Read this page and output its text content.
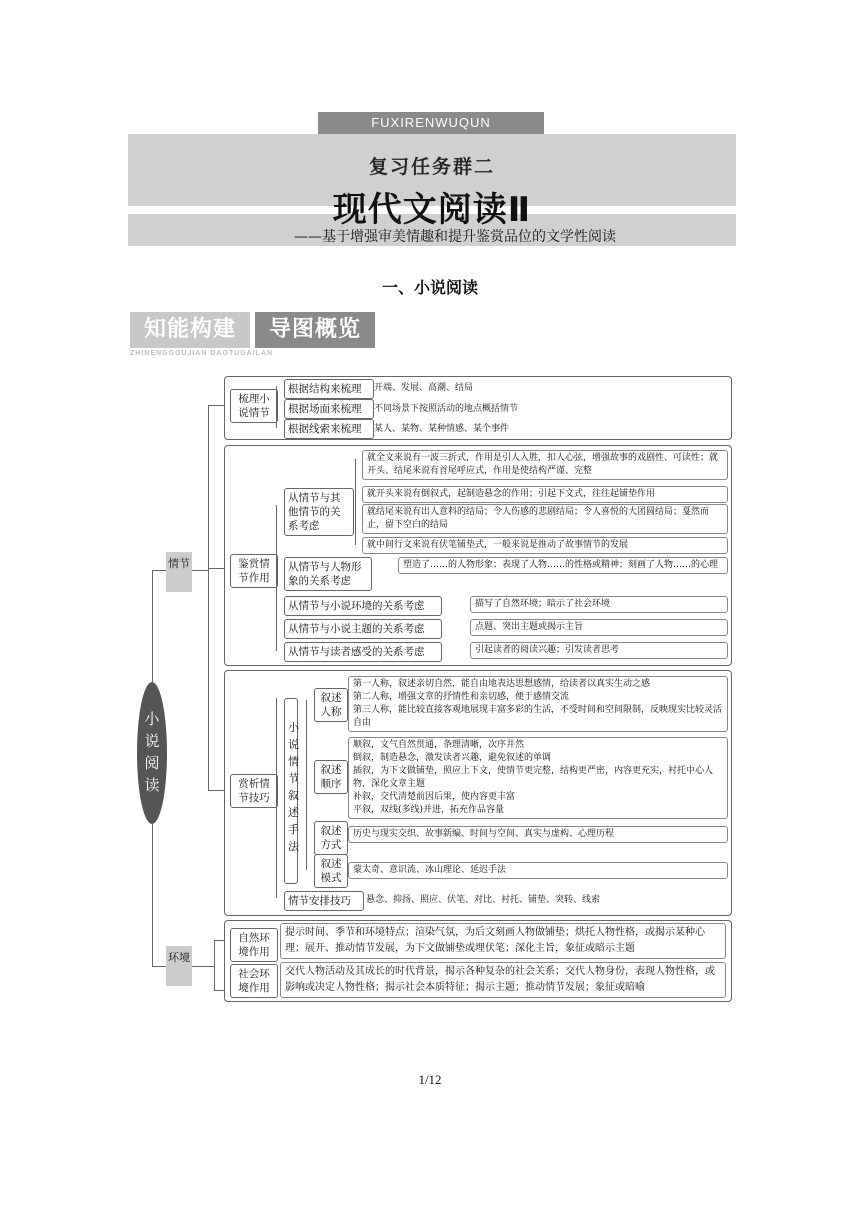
FUXIRENWUQUN
复习任务群二
现代文阅读Ⅱ
——基于增强审美情趣和提升鉴赏品位的文学性阅读
一、小说阅读
知能构建	导图概览
ZHINENGGOUJIAN DAOTUGAILAN
小
说
阅
读
情节
环境
梳理小说情节
根据结构来梳理
根据场面来梳理
根据线索来梳理
开端、发展、高潮、结局
不同场景下按照活动的地点概括情节
某人、某物、某种情感、某个事件
鉴赏情节作用
从情节与其他情节的关系考虑
就全文来说有一波三折式，作用是引人入胜，扣人心弦，增强故事的戏剧性、可读性；就开头、结尾来说有首尾呼应式，作用是使结构严谨、完整
就开头来说有倒叙式，起制造悬念的作用；引起下文式，往往起铺垫作用
就结尾来说有出人意料的结局；令人伤感的悲剧结局；令人喜悦的大团圆结局；戛然而止，留下空白的结局
就中间行文来说有伏笔铺垫式，一般来说是推动了故事情节的发展
从情节与人物形象的关系考虑
塑造了……的人物形象；表现了人物……的性格或精神；刻画了人物……的心理
从情节与小说环境的关系考虑	描写了自然环境；暗示了社会环境
从情节与小说主题的关系考虑	点题、突出主题或揭示主旨
从情节与读者感受的关系考虑	引起读者的阅读兴趣；引发读者思考
赏析情节技巧
小说情节叙述手法
叙述人称
第一人称，叙述亲切自然，能自由地表达思想感情，给读者以真实生动之感
第二人称，增强文章的抒情性和亲切感，便于感情交流
第三人称，能比较直接客观地展现丰富多彩的生活，不受时间和空间限制，反映现实比较灵活自由
叙述顺序
顺叙，文气自然贯通，条理清晰，次序井然
倒叙，制造悬念，激发读者兴趣，避免叙述的单调
插叙，为下文做铺垫，照应上下文，使情节更完整，结构更严密，内容更充实，衬托中心人物，深化文章主题
补叙，交代清楚前因后果，使内容更丰富
平叙，双线(多线)并进，拓充作品容量
叙述方式
历史与现实交织、故事新编、时间与空间、真实与虚构、心理历程
叙述模式
蒙太奇、意识流、冰山理论、延迟手法
情节安排技巧	悬念、抑扬、照应、伏笔、对比、衬托、铺垫、突转、线索
自然环境作用
提示时间、季节和环境特点；渲染气氛，为后文刻画人物做铺垫；烘托人物性格，或揭示某种心理；展开、推动情节发展，为下文做铺垫或埋伏笔；深化主旨，象征或暗示主题
社会环境作用
交代人物活动及其成长的时代背景，揭示各种复杂的社会关系；交代人物身份，表现人物性格，或影响或决定人物性格；揭示社会本质特征；揭示主题；推动情节发展；象征或暗喻
1/12
